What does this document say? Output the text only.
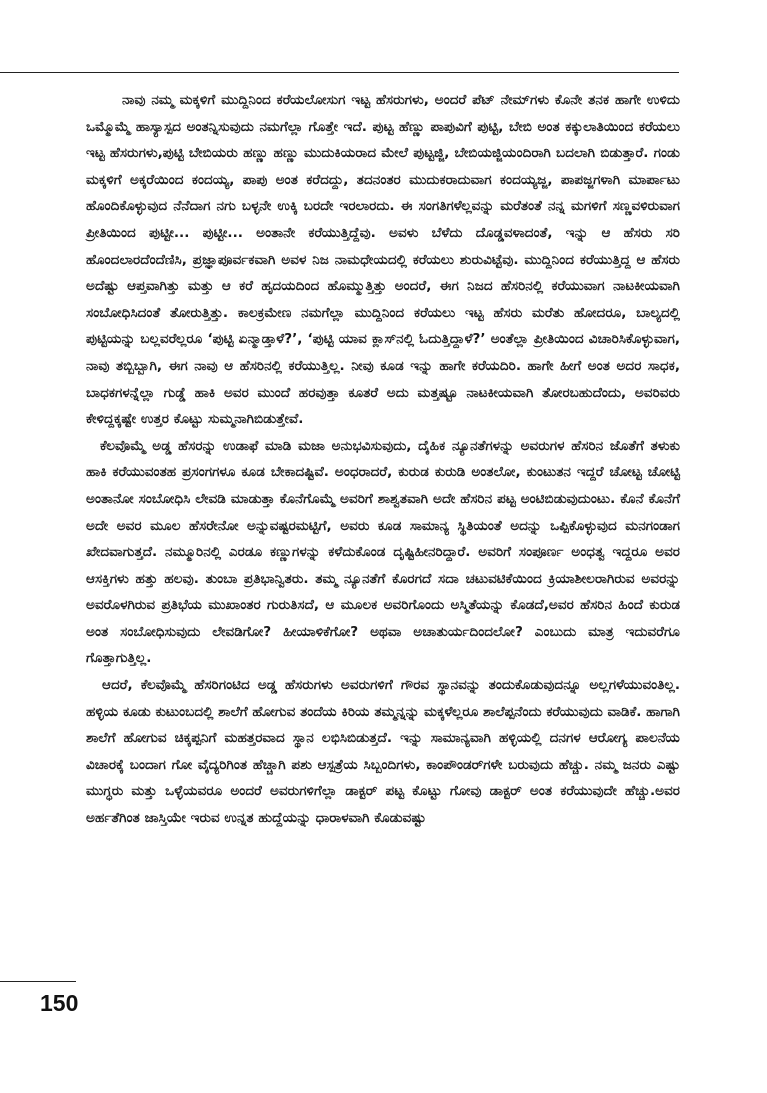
ನಾವು ನಮ್ಮ ಮಕ್ಕಳಿಗೆ ಮುದ್ದಿನಿಂದ ಕರೆಯಲೋಸುಗ ಇಟ್ಟ ಹೆಸರುಗಳು, ಅಂದರೆ ಪೆಟ್ ನೇಮ್‌ಗಳು ಕೊನೇ ತನಕ ಹಾಗೇ ಉಳಿದು ಒಮ್ಮೊಮ್ಮೆ ಹಾಸ್ಯಾಸ್ಪದ ಅಂತನ್ನಿಸುವುದು ನಮಗೆಲ್ಲಾ ಗೊತ್ತೇ ಇದೆ. ಪುಟ್ಟ ಹೆಣ್ಣು ಪಾಪುವಿಗೆ ಪುಟ್ಟಿ, ಬೇಬಿ ಅಂತ ಕಕ್ಕುಲಾತಿಯಿಂದ ಕರೆಯಲು ಇಟ್ಟ ಹೆಸರುಗಳು,ಪುಟ್ಟಿ ಬೇಬಿಯರು ಹಣ್ಣು ಹಣ್ಣು ಮುದುಕಿಯರಾದ ಮೇಲೆ ಪುಟ್ಟಜ್ಜಿ, ಬೇಬಿಯಜ್ಜಿಯಂದಿರಾಗಿ ಬದಲಾಗಿ ಬಿಡುತ್ತಾರೆ. ಗಂಡು ಮಕ್ಕಳಿಗೆ ಅಕ್ಕರೆಯಿಂದ ಕಂದಯ್ಯ, ಪಾಪು ಅಂತ ಕರೆದದ್ದು, ತದನಂತರ ಮುದುಕರಾದುವಾಗ ಕಂದಯ್ಯಜ್ಜ, ಪಾಪಜ್ಜಗಳಾಗಿ ಮಾರ್ಪಾಟು ಹೊಂದಿಕೊಳ್ಳುವುದ ನೆನೆದಾಗ ನಗು ಬಳ್ಳನೇ ಉಕ್ಕಿ ಬರದೇ ಇರಲಾರದು. ಈ ಸಂಗತಿಗಳೆಲ್ಲವನ್ನು ಮರೆತಂತೆ ನನ್ನ ಮಗಳಿಗೆ ಸಣ್ಣವಳಿರುವಾಗ ಪ್ರೀತಿಯಿಂದ ಪುಟ್ಟೀ... ಪುಟ್ಟೀ... ಅಂತಾನೇ ಕರೆಯುತ್ತಿದ್ದೆವು. ಅವಳು ಬೆಳೆದು ದೊಡ್ಡವಳಾದಂತೆ, ಇನ್ನು ಆ ಹೆಸರು ಸರಿ ಹೊಂದಲಾರದೆಂದೆಣಿಸಿ, ಪ್ರಜ್ಞಾಪೂರ್ವಕವಾಗಿ ಅವಳ ನಿಜ ನಾಮಧೇಯದಲ್ಲಿ ಕರೆಯಲು ಶುರುವಿಟ್ಟೆವು. ಮುದ್ದಿನಿಂದ ಕರೆಯುತ್ತಿದ್ದ ಆ ಹೆಸರು ಅದೆಷ್ಟು ಆಪ್ತವಾಗಿತ್ತು ಮತ್ತು ಆ ಕರೆ ಹೃದಯದಿಂದ ಹೊಮ್ಮುತ್ತಿತ್ತು ಅಂದರೆ, ಈಗ ನಿಜದ ಹೆಸರಿನಲ್ಲಿ ಕರೆಯುವಾಗ ನಾಟಕೀಯವಾಗಿ ಸಂಬೋಧಿಸಿದಂತೆ ತೋರುತ್ತಿತ್ತು. ಕಾಲಕ್ರಮೇಣ ನಮಗೆಲ್ಲಾ ಮುದ್ದಿನಿಂದ ಕರೆಯಲು ಇಟ್ಟ ಹೆಸರು ಮರೆತು ಹೋದರೂ, ಬಾಲ್ಯದಲ್ಲಿ ಪುಟ್ಟಿಯನ್ನು ಬಲ್ಲವರೆಲ್ಲರೂ ‘ಪುಟ್ಟಿ ಏನ್ಮಾಡ್ತಾಳೆ?’, ‘ಪುಟ್ಟಿ ಯಾವ ಕ್ಲಾಸ್‌ನಲ್ಲಿ ಓದುತ್ತಿದ್ದಾಳೆ?’ ಅಂತೆಲ್ಲಾ ಪ್ರೀತಿಯಿಂದ ವಿಚಾರಿಸಿಕೊಳ್ಳುವಾಗ, ನಾವು ತಬ್ಬಿಬ್ಬಾಗಿ, ಈಗ ನಾವು ಆ ಹೆಸರಿನಲ್ಲಿ ಕರೆಯುತ್ತಿಲ್ಲ. ನೀವು ಕೂಡ ಇನ್ನು ಹಾಗೇ ಕರೆಯದಿರಿ. ಹಾಗೇ ಹೀಗೆ ಅಂತ ಅದರ ಸಾಧಕ, ಬಾಧಕಗಳನ್ನೆಲ್ಲಾ ಗುಡ್ಡೆ ಹಾಕಿ ಅವರ ಮುಂದೆ ಹರವುತ್ತಾ ಕೂತರೆ ಅದು ಮತ್ತಷ್ಟೂ ನಾಟಕೀಯವಾಗಿ ತೋರಬಹುದೆಂದು, ಅವರಿವರು ಕೇಳಿದ್ದಕ್ಕಷ್ಟೇ ಉತ್ತರ ಕೊಟ್ಟು ಸುಮ್ಮನಾಗಿಬಿಡುತ್ತೇವೆ.

ಕೆಲವೊಮ್ಮೆ ಅಡ್ಡ ಹೆಸರನ್ನು ಉಡಾಫೆ ಮಾಡಿ ಮಜಾ ಅನುಭವಿಸುವುದು, ದೈಹಿಕ ನ್ಯೂನತೆಗಳನ್ನು ಅವರುಗಳ ಹೆಸರಿನ ಜೊತೆಗೆ ತಳುಕು ಹಾಕಿ ಕರೆಯುವಂತಹ ಪ್ರಸಂಗಗಳೂ ಕೂಡ ಬೇಕಾದಷ್ಟಿವೆ. ಅಂಧರಾದರೆ, ಕುರುಡ ಕುರುಡಿ ಅಂತಲೋ, ಕುಂಟುತನ ಇದ್ದರೆ ಚೋಟ್ಟ ಚೋಟ್ಟಿ ಅಂತಾನೋ ಸಂಬೋಧಿಸಿ ಲೇವಡಿ ಮಾಡುತ್ತಾ ಕೊನೆಗೊಮ್ಮೆ ಅವರಿಗೆ ಶಾಶ್ವತವಾಗಿ ಅದೇ ಹೆಸರಿನ ಪಟ್ಟ ಅಂಟಿಬಿಡುವುದುಂಟು. ಕೊನೆ ಕೊನೆಗೆ ಅದೇ ಅವರ ಮೂಲ ಹೆಸರೇನೋ ಅನ್ನುವಷ್ಟರಮಟ್ಟಿಗೆ, ಅವರು ಕೂಡ ಸಾಮಾನ್ಯ ಸ್ಥಿತಿಯಂತೆ ಅದನ್ನು ಒಪ್ಪಿಕೊಳ್ಳುವುದ ಮನಗಂಡಾಗ ಖೇದವಾಗುತ್ತದೆ. ನಮ್ಮೂರಿನಲ್ಲಿ ಎರಡೂ ಕಣ್ಣುಗಳನ್ನು ಕಳೆದುಕೊಂಡ ದೃಷ್ಟಿಹೀನರಿದ್ದಾರೆ. ಅವರಿಗೆ ಸಂಪೂರ್ಣ ಅಂಧತ್ವ ಇದ್ದರೂ ಅವರ ಆಸಕ್ತಿಗಳು ಹತ್ತು ಹಲವು. ತುಂಬಾ ಪ್ರತಿಭಾನ್ವಿತರು. ತಮ್ಮ ನ್ಯೂನತೆಗೆ ಕೊರಗದೆ ಸದಾ ಚಟುವಟಿಕೆಯಿಂದ ಕ್ರಿಯಾಶೀಲರಾಗಿರುವ ಅವರನ್ನು ಅವರೊಳಗಿರುವ ಪ್ರತಿಭೆಯ ಮುಖಾಂತರ ಗುರುತಿಸದೆ, ಆ ಮೂಲಕ ಅವರಿಗೊಂದು ಅಸ್ಮಿತೆಯನ್ನು ಕೊಡದೆ,ಅವರ ಹೆಸರಿನ ಹಿಂದೆ ಕುರುಡ ಅಂತ ಸಂಬೋಧಿಸುವುದು ಲೇವಡಿಗೋ? ಹೀಯಾಳಿಕೆಗೋ? ಅಥವಾ ಅಚಾತುರ್ಯದಿಂದಲೋ? ಎಂಬುದು ಮಾತ್ರ ಇದುವರೆಗೂ ಗೊತ್ತಾಗುತ್ತಿಲ್ಲ.

ಆದರೆ, ಕೆಲವೊಮ್ಮೆ ಹೆಸರಿಗಂಟಿದ ಅಡ್ಡ ಹೆಸರುಗಳು ಅವರುಗಳಿಗೆ ಗೌರವ ಸ್ಥಾನವನ್ನು ತಂದುಕೊಡುವುದನ್ನೂ ಅಲ್ಲಗಳೆಯುವಂತಿಲ್ಲ. ಹಳ್ಳಿಯ ಕೂಡು ಕುಟುಂಬದಲ್ಲಿ ಶಾಲೆಗೆ ಹೋಗುವ ತಂದೆಯ ಕಿರಿಯ ತಮ್ಮನ್ನನ್ನು ಮಕ್ಕಳೆಲ್ಲರೂ ಶಾಲೆಪ್ಪನೆಂದು ಕರೆಯುವುದು ವಾಡಿಕೆ. ಹಾಗಾಗಿ ಶಾಲೆಗೆ ಹೋಗುವ ಚಿಕ್ಕಪ್ಪನಿಗೆ ಮಹತ್ತರವಾದ ಸ್ಥಾನ ಲಭಿಸಿಬಿಡುತ್ತದೆ. ಇನ್ನು ಸಾಮಾನ್ಯವಾಗಿ ಹಳ್ಳಿಯಲ್ಲಿ ದನಗಳ ಆರೋಗ್ಯ ಪಾಲನೆಯ ವಿಚಾರಕ್ಕೆ ಬಂದಾಗ ಗೋ ವೈದ್ಯರಿಗಿಂತ ಹೆಚ್ಚಾಗಿ ಪಶು ಆಸ್ಪತ್ರೆಯ ಸಿಬ್ಬಂದಿಗಳು, ಕಾಂಪೌಂಡರ್‌ಗಳೇ ಬರುವುದು ಹೆಚ್ಚು. ನಮ್ಮ ಜನರು ಎಷ್ಟು ಮುಗ್ಧರು ಮತ್ತು ಒಳ್ಳೆಯವರೂ ಅಂದರೆ ಅವರುಗಳಿಗೆಲ್ಲಾ ಡಾಕ್ಟರ್ ಪಟ್ಟ ಕೊಟ್ಟು ಗೋವು ಡಾಕ್ಟರ್ ಅಂತ ಕರೆಯುವುದೇ ಹೆಚ್ಚು.ಅವರ ಅರ್ಹತೆಗಿಂತ ಜಾಸ್ತಿಯೇ ಇರುವ ಉನ್ನತ ಹುದ್ದೆಯನ್ನು ಧಾರಾಳವಾಗಿ ಕೊಡುವಷ್ಟು

150
